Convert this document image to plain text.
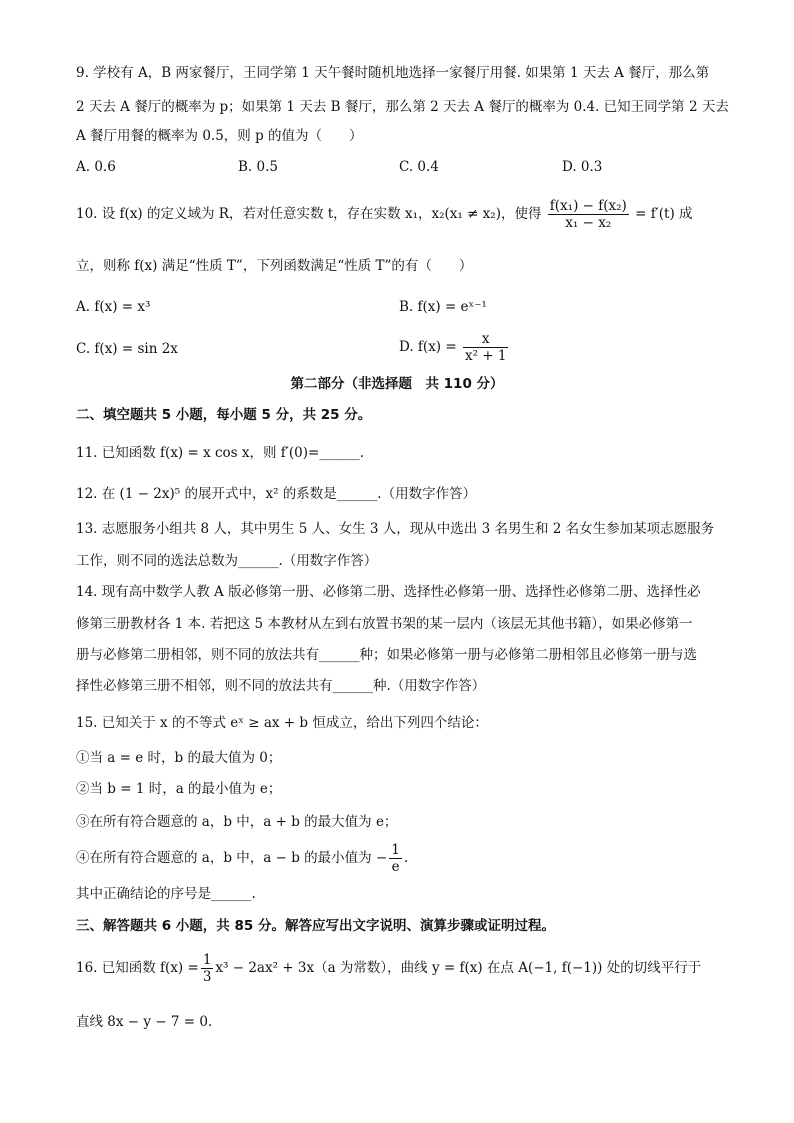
9. 学校有 A，B 两家餐厅，王同学第 1 天午餐时随机地选择一家餐厅用餐. 如果第 1 天去 A 餐厅，那么第
2 天去 A 餐厅的概率为 p；如果第 1 天去 B 餐厅，那么第 2 天去 A 餐厅的概率为 0.4. 已知王同学第 2 天去
A 餐厅用餐的概率为 0.5，则 p 的值为（　　）
A. 0.6	B. 0.5	C. 0.4	D. 0.3
10. 设 f(x) 的定义域为 R，若对任意实数 t，存在实数 x₁，x₂(x₁ ≠ x₂)，使得 $\frac{\text{f(x₁) − f(x₂)}}{\text{x₁ − x₂}} = f'(t)$ 成
立，则称 f(x) 满足“性质 T”，下列函数满足“性质 T”的有（　　）
A. f(x) = x³	B. f(x) = eˣ⁻¹
C. f(x) = sin 2x	D. $f(x) = \frac{x}{\text{x² + 1}}$
第二部分（非选择题　共 110 分）
二、填空题共 5 小题，每小题 5 分，共 25 分。
11. 已知函数 f(x) = x cos x，则 f′(0)=______.
12. 在 (1 − 2x)⁵ 的展开式中，x² 的系数是______.（用数字作答）
13. 志愿服务小组共 8 人，其中男生 5 人、女生 3 人，现从中选出 3 名男生和 2 名女生参加某项志愿服务
工作，则不同的选法总数为______.（用数字作答）
14. 现有高中数学人教 A 版必修第一册、必修第二册、选择性必修第一册、选择性必修第二册、选择性必
修第三册教材各 1 本. 若把这 5 本教材从左到右放置书架的某一层内（该层无其他书籍），如果必修第一
册与必修第二册相邻，则不同的放法共有______种；如果必修第一册与必修第二册相邻且必修第一册与选
择性必修第三册不相邻，则不同的放法共有______种.（用数字作答）
15. 已知关于 x 的不等式 eˣ ≥ ax + b 恒成立，给出下列四个结论：
①当 a = e 时，b 的最大值为 0；
②当 b = 1 时，a 的最小值为 e；
③在所有符合题意的 a，b 中，a + b 的最大值为 e；
④在所有符合题意的 a，b 中，a − b 的最小值为 − $\frac{1}{e}$ .
其中正确结论的序号是______.
三、解答题共 6 小题，共 85 分。解答应写出文字说明、演算步骤或证明过程。
16. 已知函数 $f(x) = \frac{1}{3} x^3 - 2ax^2 + 3x(a$ 为常数），曲线 y = f(x) 在点 A(−1, f(−1)) 处的切线平行于
直线 8x − y − 7 = 0.
